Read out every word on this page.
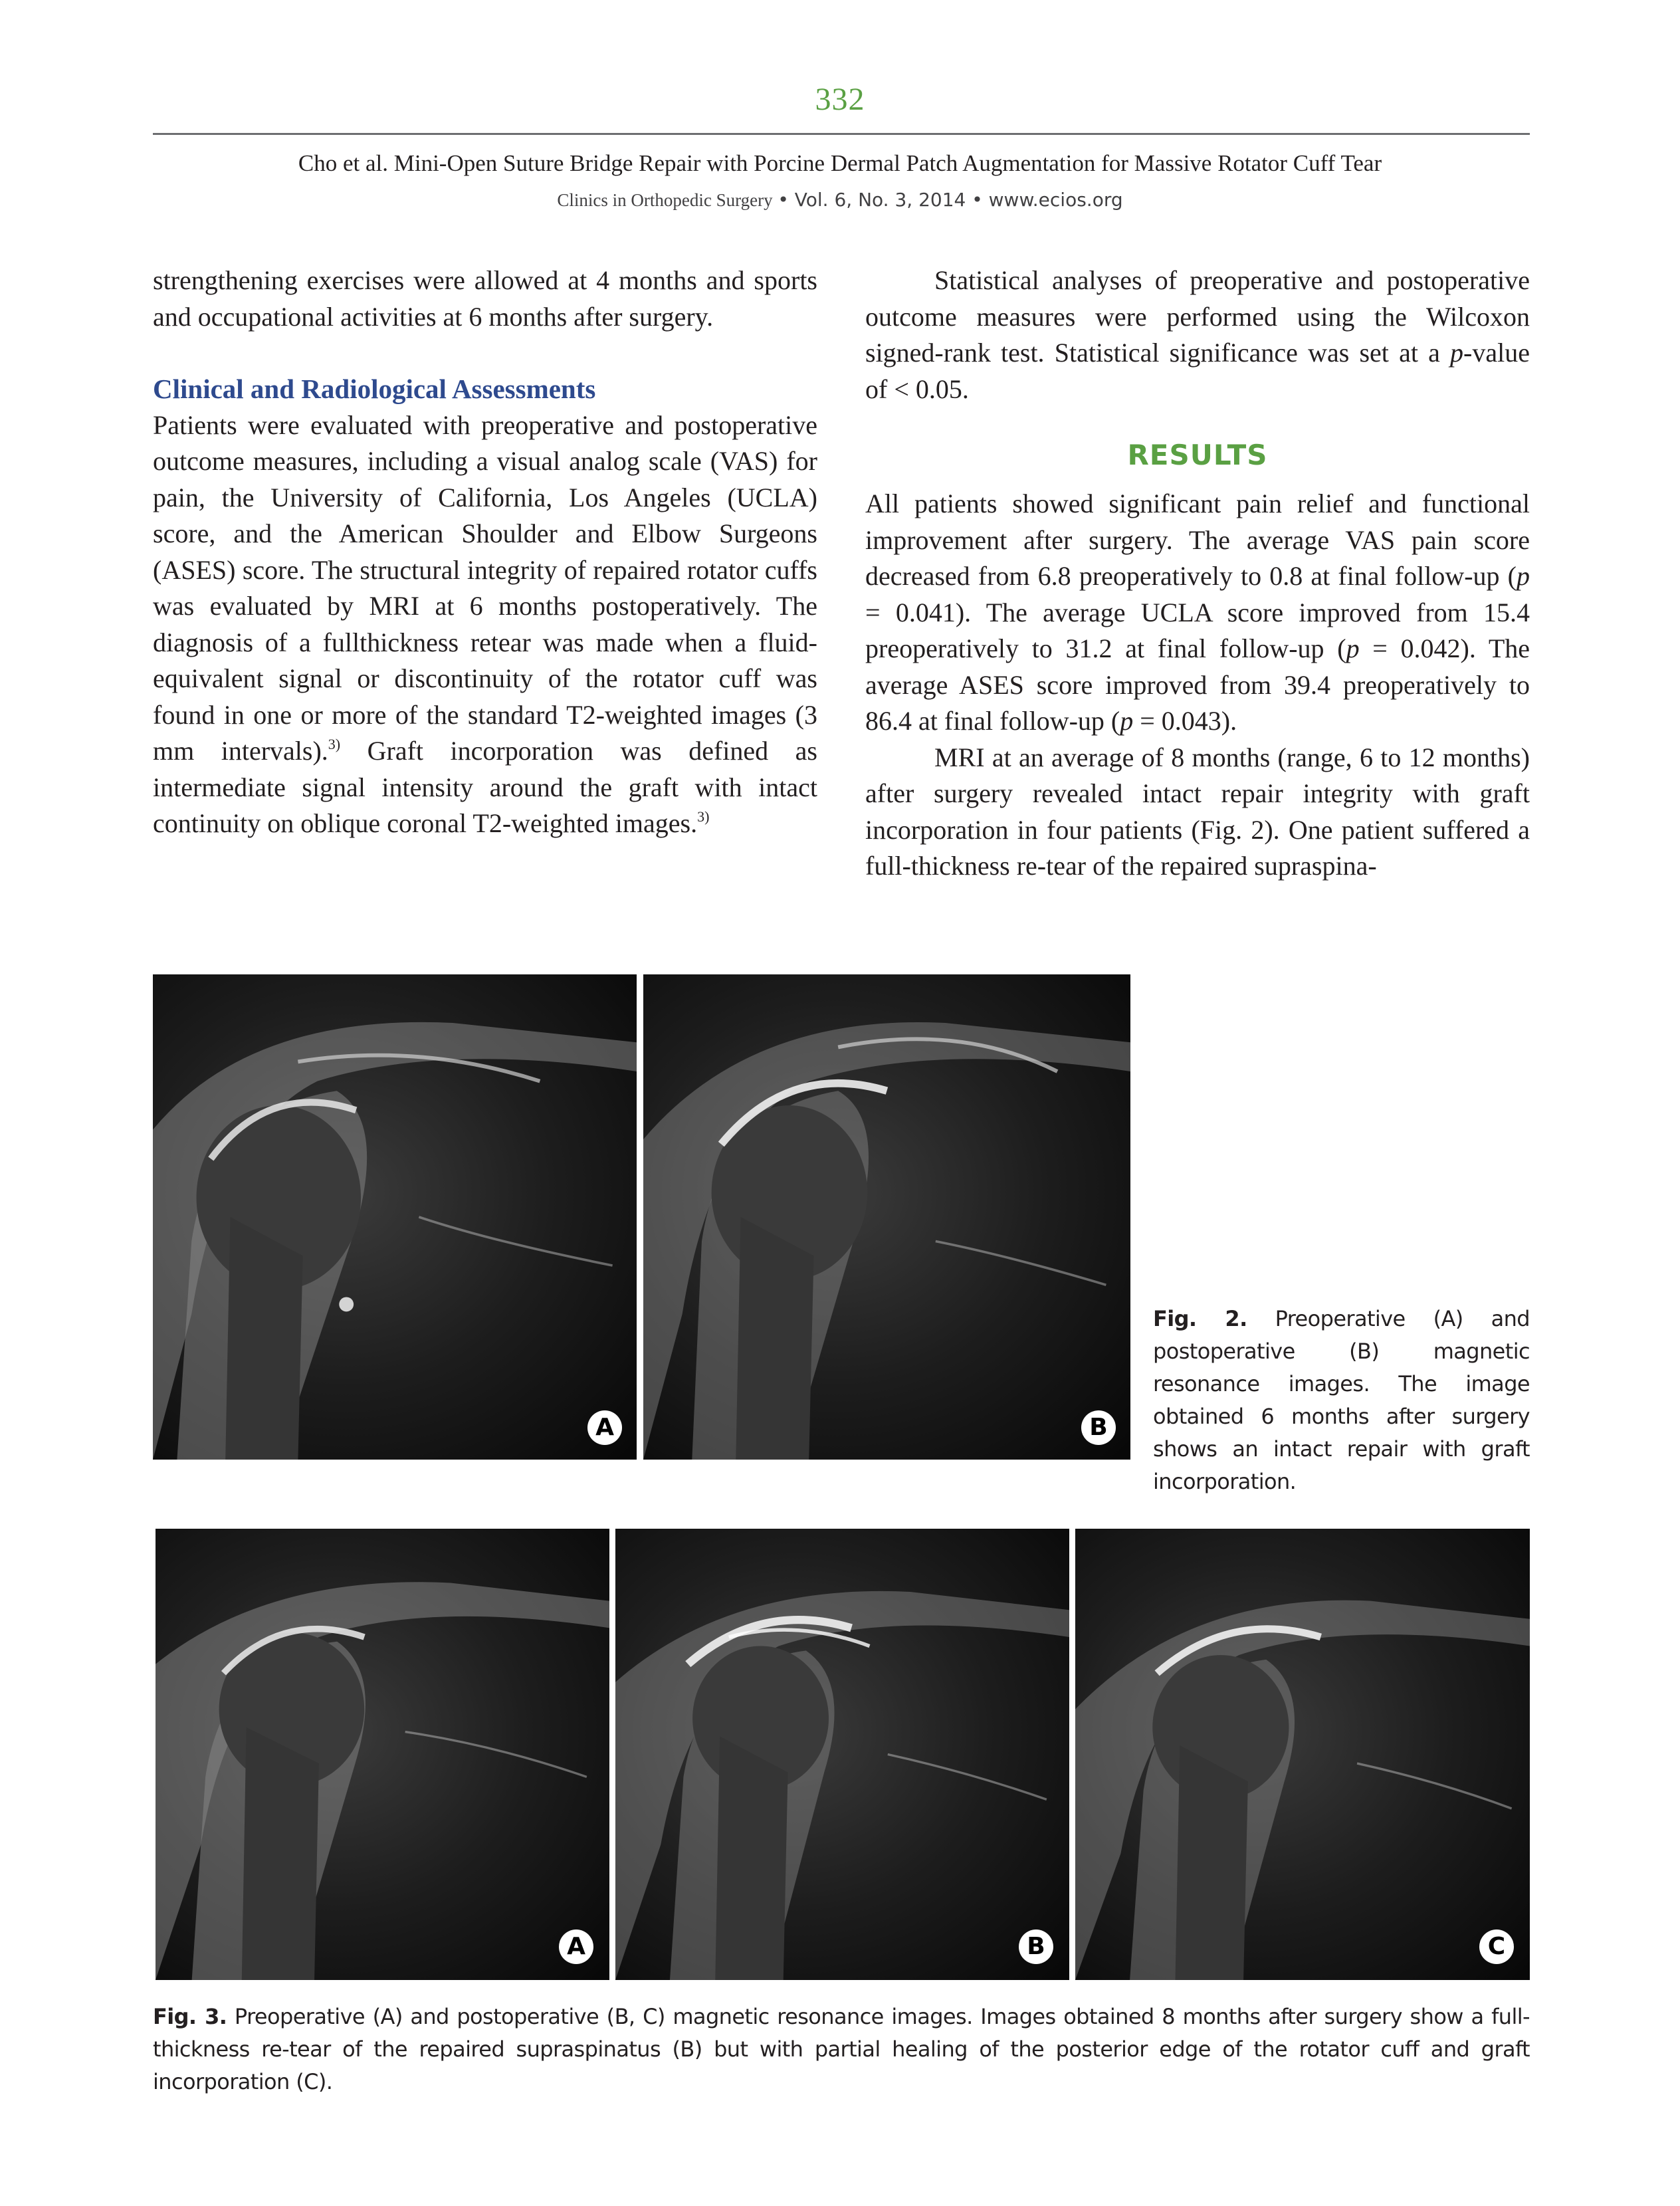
332
Cho et al. Mini-Open Suture Bridge Repair with Porcine Dermal Patch Augmentation for Massive Rotator Cuff Tear
Clinics in Orthopedic Surgery • Vol. 6, No. 3, 2014 • www.ecios.org

strengthening exercises were allowed at 4 months and sports and occupational activities at 6 months after surgery.

Clinical and Radiological Assessments

Patients were evaluated with preoperative and postoperative outcome measures, including a visual analog scale (VAS) for pain, the University of California, Los Angeles (UCLA) score, and the American Shoulder and Elbow Surgeons (ASES) score. The structural integrity of repaired rotator cuffs was evaluated by MRI at 6 months postoperatively. The diagnosis of a fullthickness retear was made when a fluid-equivalent signal or discontinuity of the rotator cuff was found in one or more of the standard T2-weighted images (3 mm intervals).$^{3)}$ Graft incorporation was defined as intermediate signal intensity around the graft with intact continuity on oblique coronal T2-weighted images.$^{3)}$

Statistical analyses of preoperative and postoperative outcome measures were performed using the Wilcoxon signed-rank test. Statistical significance was set at a p-value of < 0.05.

RESULTS

All patients showed significant pain relief and functional improvement after surgery. The average VAS pain score decreased from 6.8 preoperatively to 0.8 at final follow-up (p = 0.041). The average UCLA score improved from 15.4 preoperatively to 31.2 at final follow-up (p = 0.042). The average ASES score improved from 39.4 preoperatively to 86.4 at final follow-up (p = 0.043).

MRI at an average of 8 months (range, 6 to 12 months) after surgery revealed intact repair integrity with graft incorporation in four patients (Fig. 2). One patient suffered a full-thickness re-tear of the repaired supraspina-

A	B
Fig. 2. Preoperative (A) and postoperative (B) magnetic resonance images. The image obtained 6 months after surgery shows an intact repair with graft incorporation.
A	B	C
Fig. 3. Preoperative (A) and postoperative (B, C) magnetic resonance images. Images obtained 8 months after surgery show a full-thickness re-tear of the repaired supraspinatus (B) but with partial healing of the posterior edge of the rotator cuff and graft incorporation (C).
